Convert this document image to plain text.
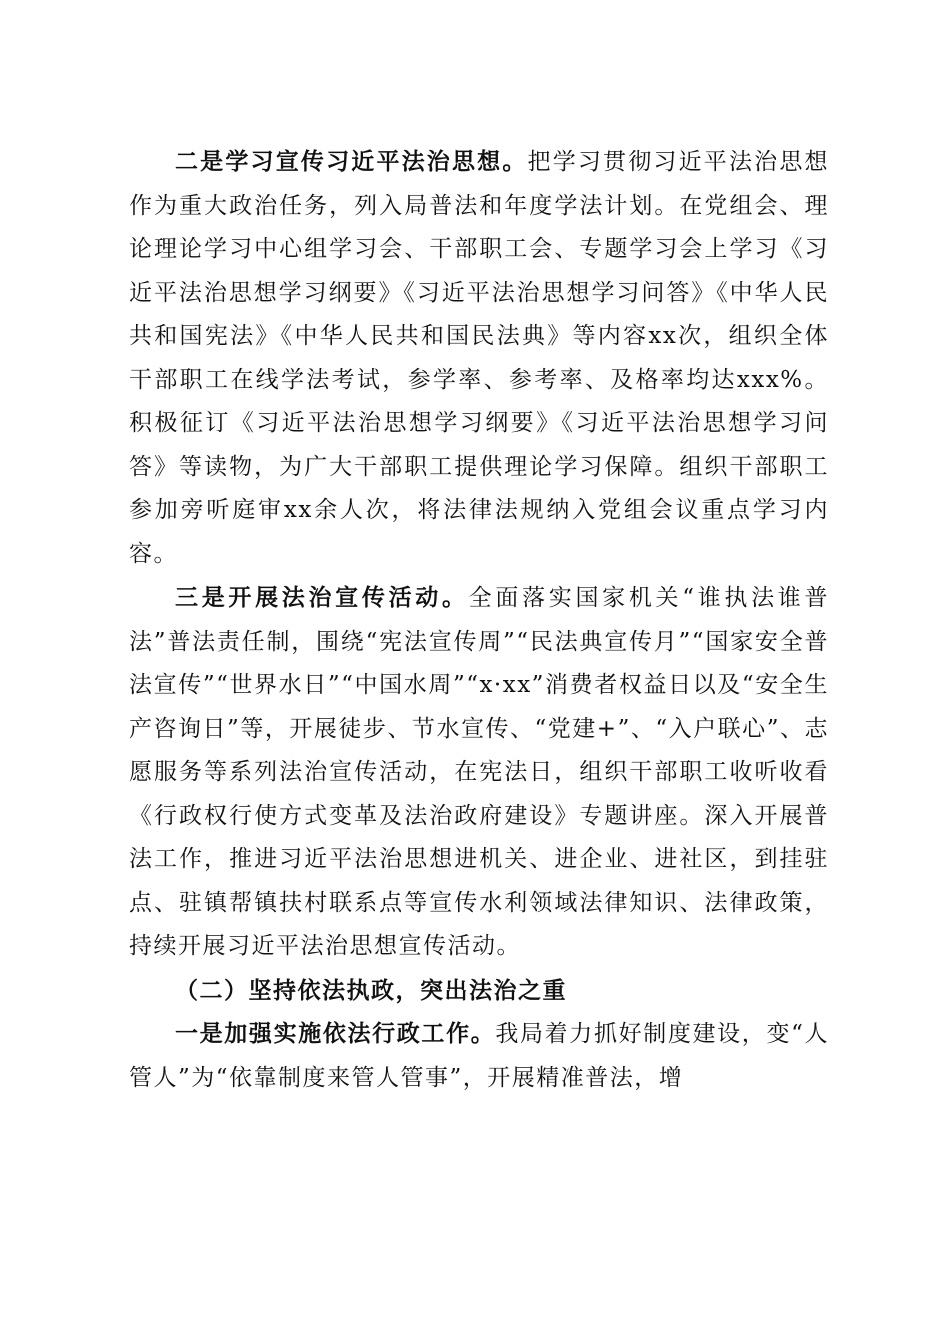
二是学习宣传习近平法治思想。把学习贯彻习近平法治思想作为重大政治任务，列入局普法和年度学法计划。在党组会、理论理论学习中心组学习会、干部职工会、专题学习会上学习《习近平法治思想学习纲要》《习近平法治思想学习问答》《中华人民共和国宪法》《中华人民共和国民法典》等内容xx次，组织全体干部职工在线学法考试，参学率、参考率、及格率均达xxx%。积极征订《习近平法治思想学习纲要》《习近平法治思想学习问答》等读物，为广大干部职工提供理论学习保障。组织干部职工参加旁听庭审xx余人次，将法律法规纳入党组会议重点学习内容。

三是开展法治宣传活动。全面落实国家机关“谁执法谁普法”普法责任制，围绕“宪法宣传周”“民法典宣传月”“国家安全普法宣传”“世界水日”“中国水周”“x·xx”消费者权益日以及“安全生产咨询日”等，开展徒步、节水宣传、“党建+”、“入户联心”、志愿服务等系列法治宣传活动，在宪法日，组织干部职工收听收看《行政权行使方式变革及法治政府建设》专题讲座。深入开展普法工作，推进习近平法治思想进机关、进企业、进社区，到挂驻点、驻镇帮镇扶村联系点等宣传水利领域法律知识、法律政策，持续开展习近平法治思想宣传活动。

（二）坚持依法执政，突出法治之重

一是加强实施依法行政工作。我局着力抓好制度建设，变“人管人”为“依靠制度来管人管事”，开展精准普法，增
